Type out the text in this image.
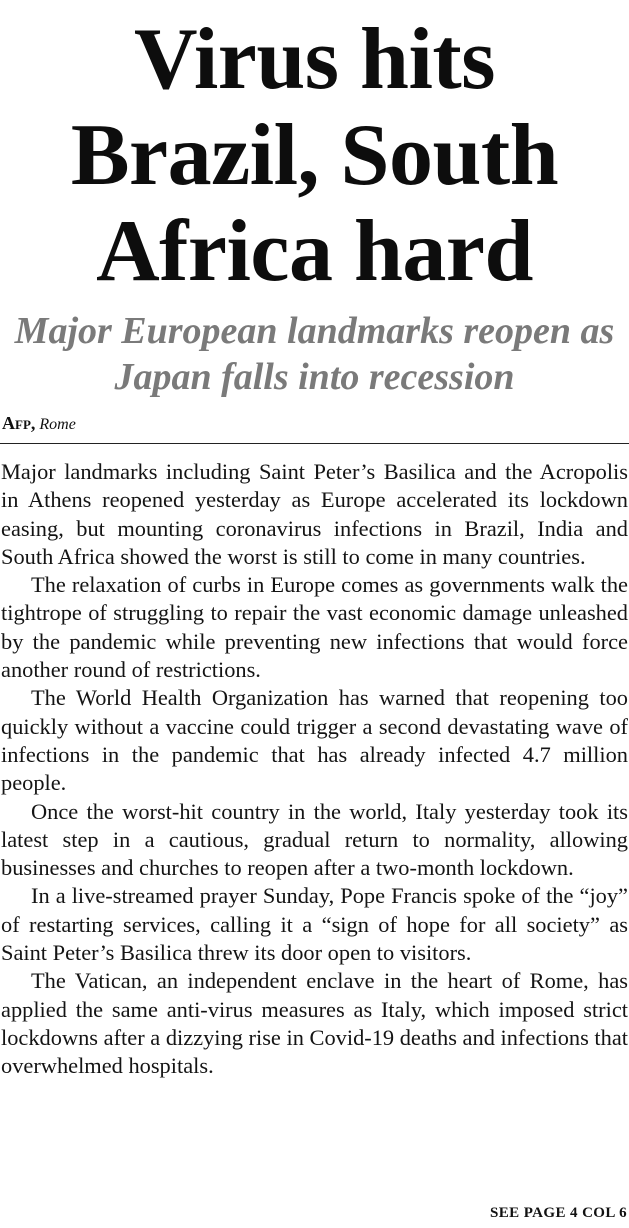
Virus hits Brazil, South Africa hard
Major European landmarks reopen as Japan falls into recession
Afp, Rome

Major landmarks including Saint Peter’s Basilica and the Acropolis in Athens reopened yesterday as Europe accelerated its lockdown easing, but mounting coronavirus infections in Brazil, India and South Africa showed the worst is still to come in many countries.

The relaxation of curbs in Europe comes as governments walk the tightrope of struggling to repair the vast economic damage unleashed by the pandemic while preventing new infections that would force another round of restrictions.

The World Health Organization has warned that reopening too quickly without a vaccine could trigger a second devastating wave of infections in the pandemic that has already infected 4.7 million people.

Once the worst-hit country in the world, Italy yesterday took its latest step in a cautious, gradual return to normality, allowing businesses and churches to reopen after a two-month lockdown.

In a live-streamed prayer Sunday, Pope Francis spoke of the “joy” of restarting services, calling it a “sign of hope for all society” as Saint Peter’s Basilica threw its door open to visitors.

The Vatican, an independent enclave in the heart of Rome, has applied the same anti-virus measures as Italy, which imposed strict lockdowns after a dizzying rise in Covid-19 deaths and infections that overwhelmed hospitals.

SEE PAGE 4 COL 6
